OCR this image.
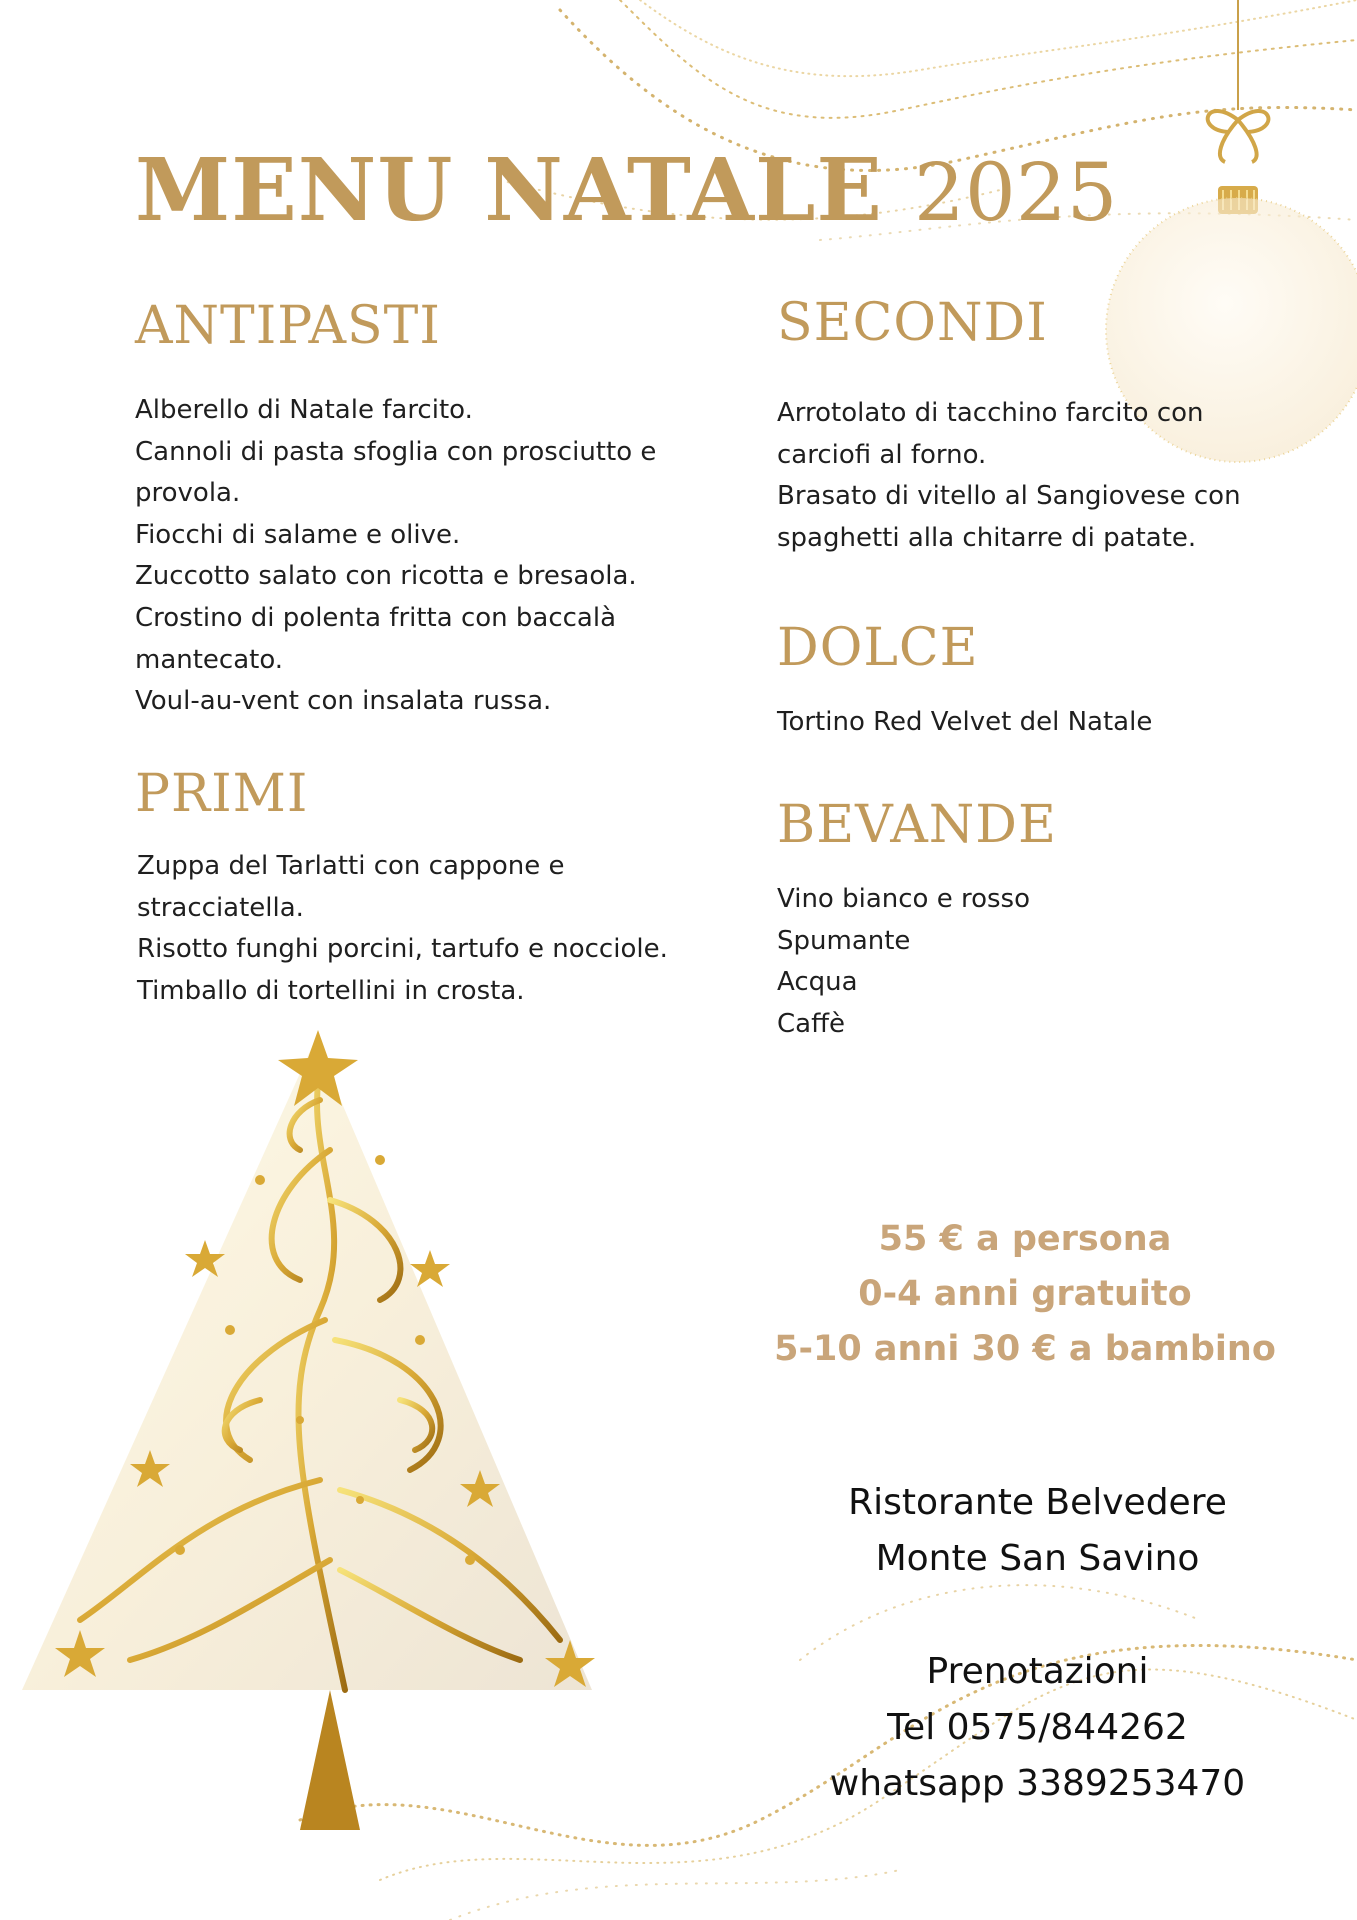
MENU NATALE 2025
ANTIPASTI
Alberello di Natale farcito.
Cannoli di pasta sfoglia con prosciutto e
provola.
Fiocchi di salame e olive.
Zuccotto salato con ricotta e bresaola.
Crostino di polenta fritta con baccalà
mantecato.
Voul-au-vent con insalata russa.
PRIMI
Zuppa del Tarlatti con cappone e
stracciatella.
Risotto funghi porcini, tartufo e nocciole.
Timballo di tortellini in crosta.
SECONDI
Arrotolato di tacchino farcito con
carciofi al forno.
Brasato di vitello al Sangiovese con
spaghetti alla chitarre di patate.
DOLCE
Tortino Red Velvet del Natale
BEVANDE
Vino bianco e rosso
Spumante
Acqua
Caffè
55 € a persona
0-4 anni gratuito
5-10 anni 30 € a bambino
Ristorante Belvedere
Monte San Savino
Prenotazioni
Tel 0575/844262
whatsapp 3389253470
